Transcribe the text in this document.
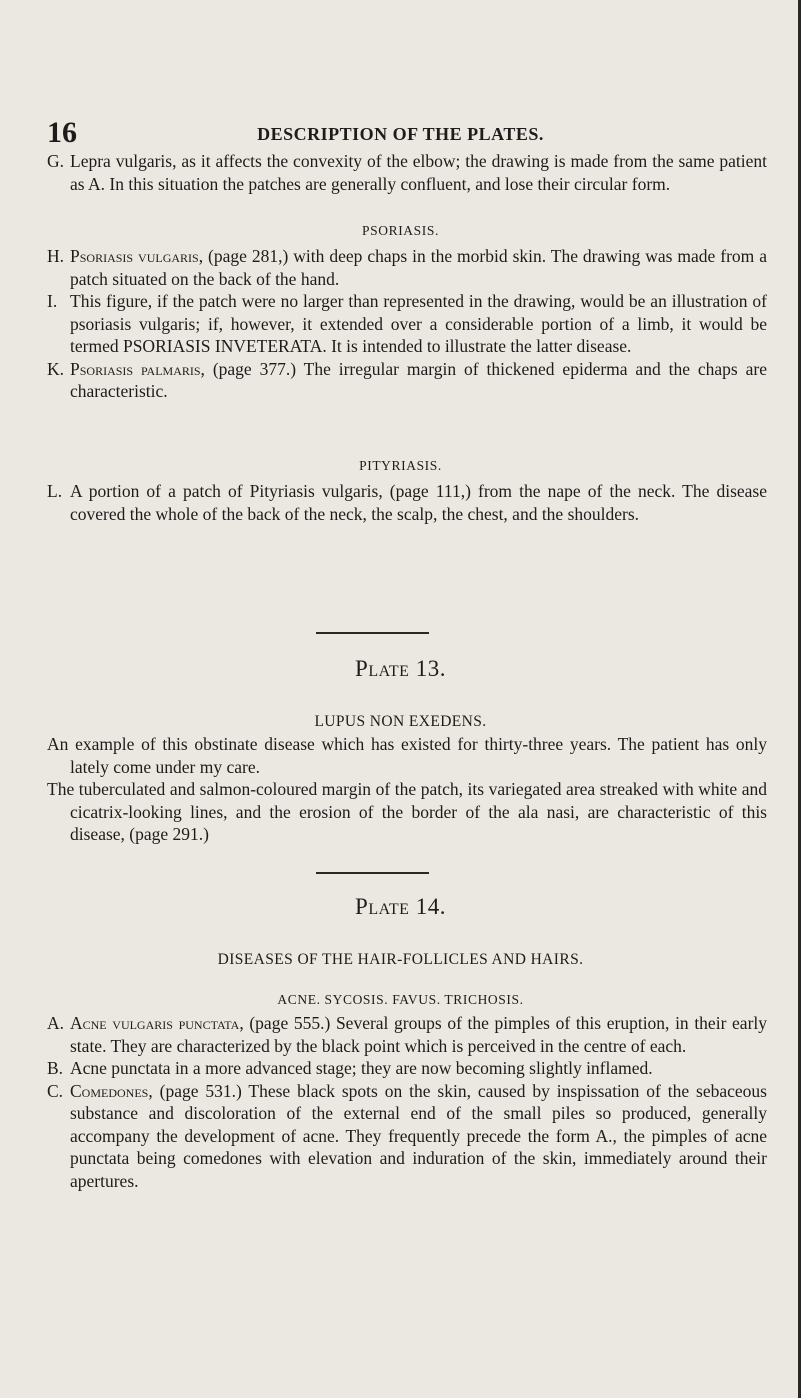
16	DESCRIPTION OF THE PLATES.
G. Lepra vulgaris, as it affects the convexity of the elbow; the drawing is made from the same patient as A. In this situation the patches are generally confluent, and lose their circular form.
PSORIASIS.
H. Psoriasis vulgaris, (page 281,) with deep chaps in the morbid skin. The drawing was made from a patch situated on the back of the hand.
I. This figure, if the patch were no larger than represented in the drawing, would be an illustration of psoriasis vulgaris; if, however, it extended over a considerable portion of a limb, it would be termed PSORIASIS INVETERATA. It is intended to illustrate the latter disease.
K. Psoriasis palmaris, (page 377.) The irregular margin of thickened epiderma and the chaps are characteristic.
PITYRIASIS.
L. A portion of a patch of Pityriasis vulgaris, (page 111,) from the nape of the neck. The disease covered the whole of the back of the neck, the scalp, the chest, and the shoulders.
Plate 13.
LUPUS NON EXEDENS.
An example of this obstinate disease which has existed for thirty-three years. The patient has only lately come under my care.
The tuberculated and salmon-coloured margin of the patch, its variegated area streaked with white and cicatrix-looking lines, and the erosion of the border of the ala nasi, are characteristic of this disease, (page 291.)
Plate 14.
DISEASES OF THE HAIR-FOLLICLES AND HAIRS.
ACNE. SYCOSIS. FAVUS. TRICHOSIS.
A. Acne vulgaris punctata, (page 555.) Several groups of the pimples of this eruption, in their early state. They are characterized by the black point which is perceived in the centre of each.
B. Acne punctata in a more advanced stage; they are now becoming slightly inflamed.
C. Comedones, (page 531.) These black spots on the skin, caused by inspissation of the sebaceous substance and discoloration of the external end of the small piles so produced, generally accompany the development of acne. They frequently precede the form A., the pimples of acne punctata being comedones with elevation and induration of the skin, immediately around their apertures.
